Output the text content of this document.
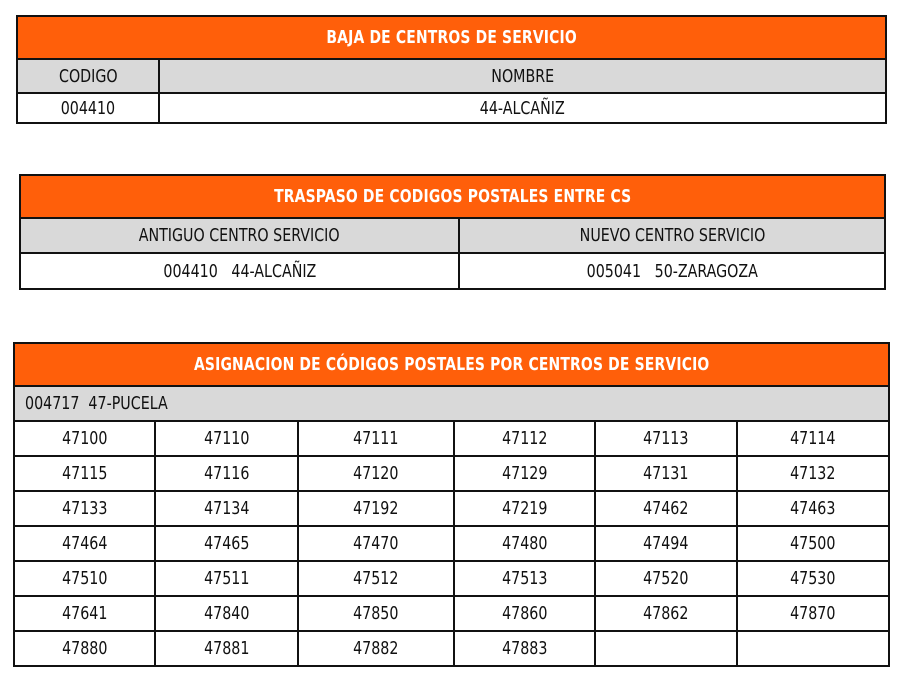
BAJA DE CENTROS DE SERVICIO	
CODIGO	NOMBRE
004410	44-ALCAÑIZ
TRASPASO DE CODIGOS POSTALES ENTRE CS	
ANTIGUO CENTRO SERVICIO	NUEVO CENTRO SERVICIO
004410   44-ALCAÑIZ	005041   50-ZARAGOZA
ASIGNACION DE CÓDIGOS POSTALES POR CENTROS DE SERVICIO					
004717  47-PUCELA					
47100	47110	47111	47112	47113	47114
47115	47116	47120	47129	47131	47132
47133	47134	47192	47219	47462	47463
47464	47465	47470	47480	47494	47500
47510	47511	47512	47513	47520	47530
47641	47840	47850	47860	47862	47870
47880	47881	47882	47883		
